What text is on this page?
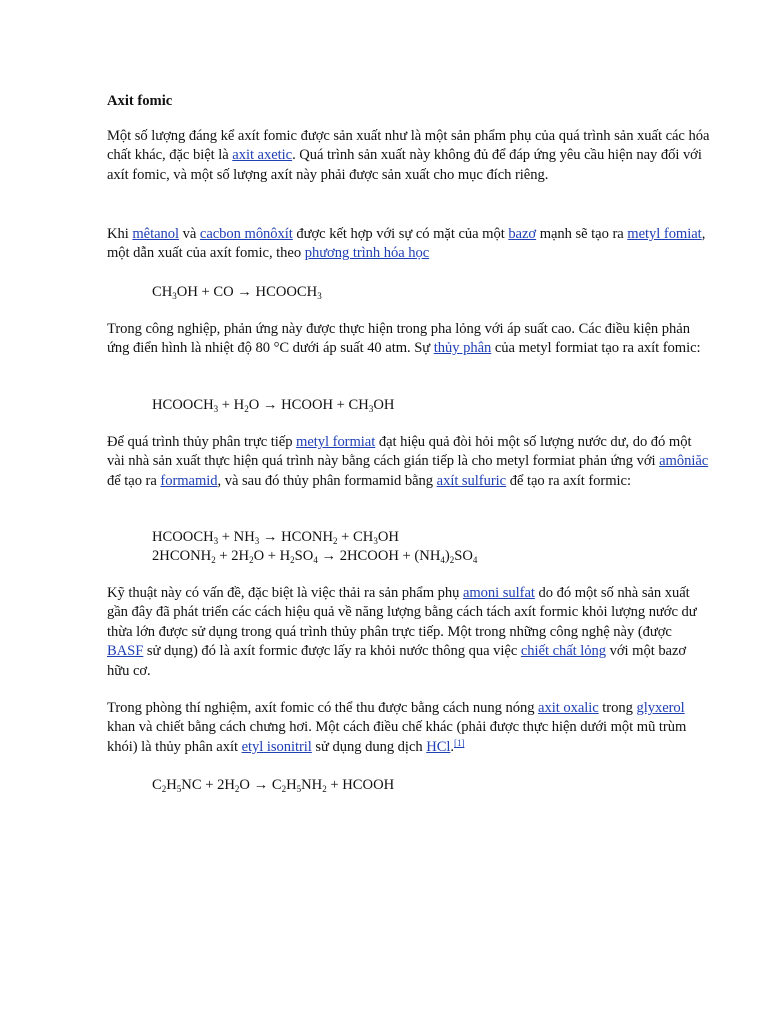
Axit fomic
Một số lượng đáng kể axít fomic được sản xuất như là một sản phẩm phụ của quá trình sản xuất các hóa chất khác, đặc biệt là axit axetic. Quá trình sản xuất này không đủ để đáp ứng yêu cầu hiện nay đối với axít fomic, và một số lượng axít này phải được sản xuất cho mục đích riêng.
Khi mêtanol và cacbon mônôxít được kết hợp với sự có mặt của một bazơ mạnh sẽ tạo ra metyl fomiat, một dẫn xuất của axít fomic, theo phương trình hóa học
$CH_3OH$ + CO → $HCOOCH_3$
Trong công nghiệp, phản ứng này được thực hiện trong pha lỏng với áp suất cao. Các điều kiện phản ứng điển hình là nhiệt độ 80 °C dưới áp suất 40 atm. Sự thủy phân của metyl formiat tạo ra axít fomic:
$HCOOCH_3 + H_2O$ → HCOOH + $CH_3OH$
Để quá trình thủy phân trực tiếp metyl formiat đạt hiệu quả đòi hỏi một số lượng nước dư, do đó một vài nhà sản xuất thực hiện quá trình này bằng cách gián tiếp là cho metyl formiat phản ứng với amôniăc để tạo ra formamid, và sau đó thủy phân formamid bằng axít sulfuric để tạo ra axít formic:
$HCOOCH_3 + NH_3$ → $HCONH_2 + CH_3OH$
$2HCONH_2 + 2H_2O + H_2SO_4$ → 2HCOOH + $(NH_4)_2SO_4$
Kỹ thuật này có vấn đề, đặc biệt là việc thải ra sản phẩm phụ amoni sulfat do đó một số nhà sản xuất gần đây đã phát triển các cách hiệu quả về năng lượng bằng cách tách axít formic khỏi lượng nước dư thừa lớn được sử dụng trong quá trình thủy phân trực tiếp. Một trong những công nghệ này (được BASF sử dụng) đó là axít formic được lấy ra khỏi nước thông qua việc chiết chất lỏng với một bazơ hữu cơ.
Trong phòng thí nghiệm, axít fomic có thể thu được bằng cách nung nóng axit oxalic trong glyxerol khan và chiết bằng cách chưng hơi. Một cách điều chế khác (phải được thực hiện dưới một mũ trùm khói) là thủy phân axít etyl isonitril sử dụng dung dịch HCl.[1]
$C_2H_5NC + 2H_2O \to C_2H_5NH_2$ + HCOOH
